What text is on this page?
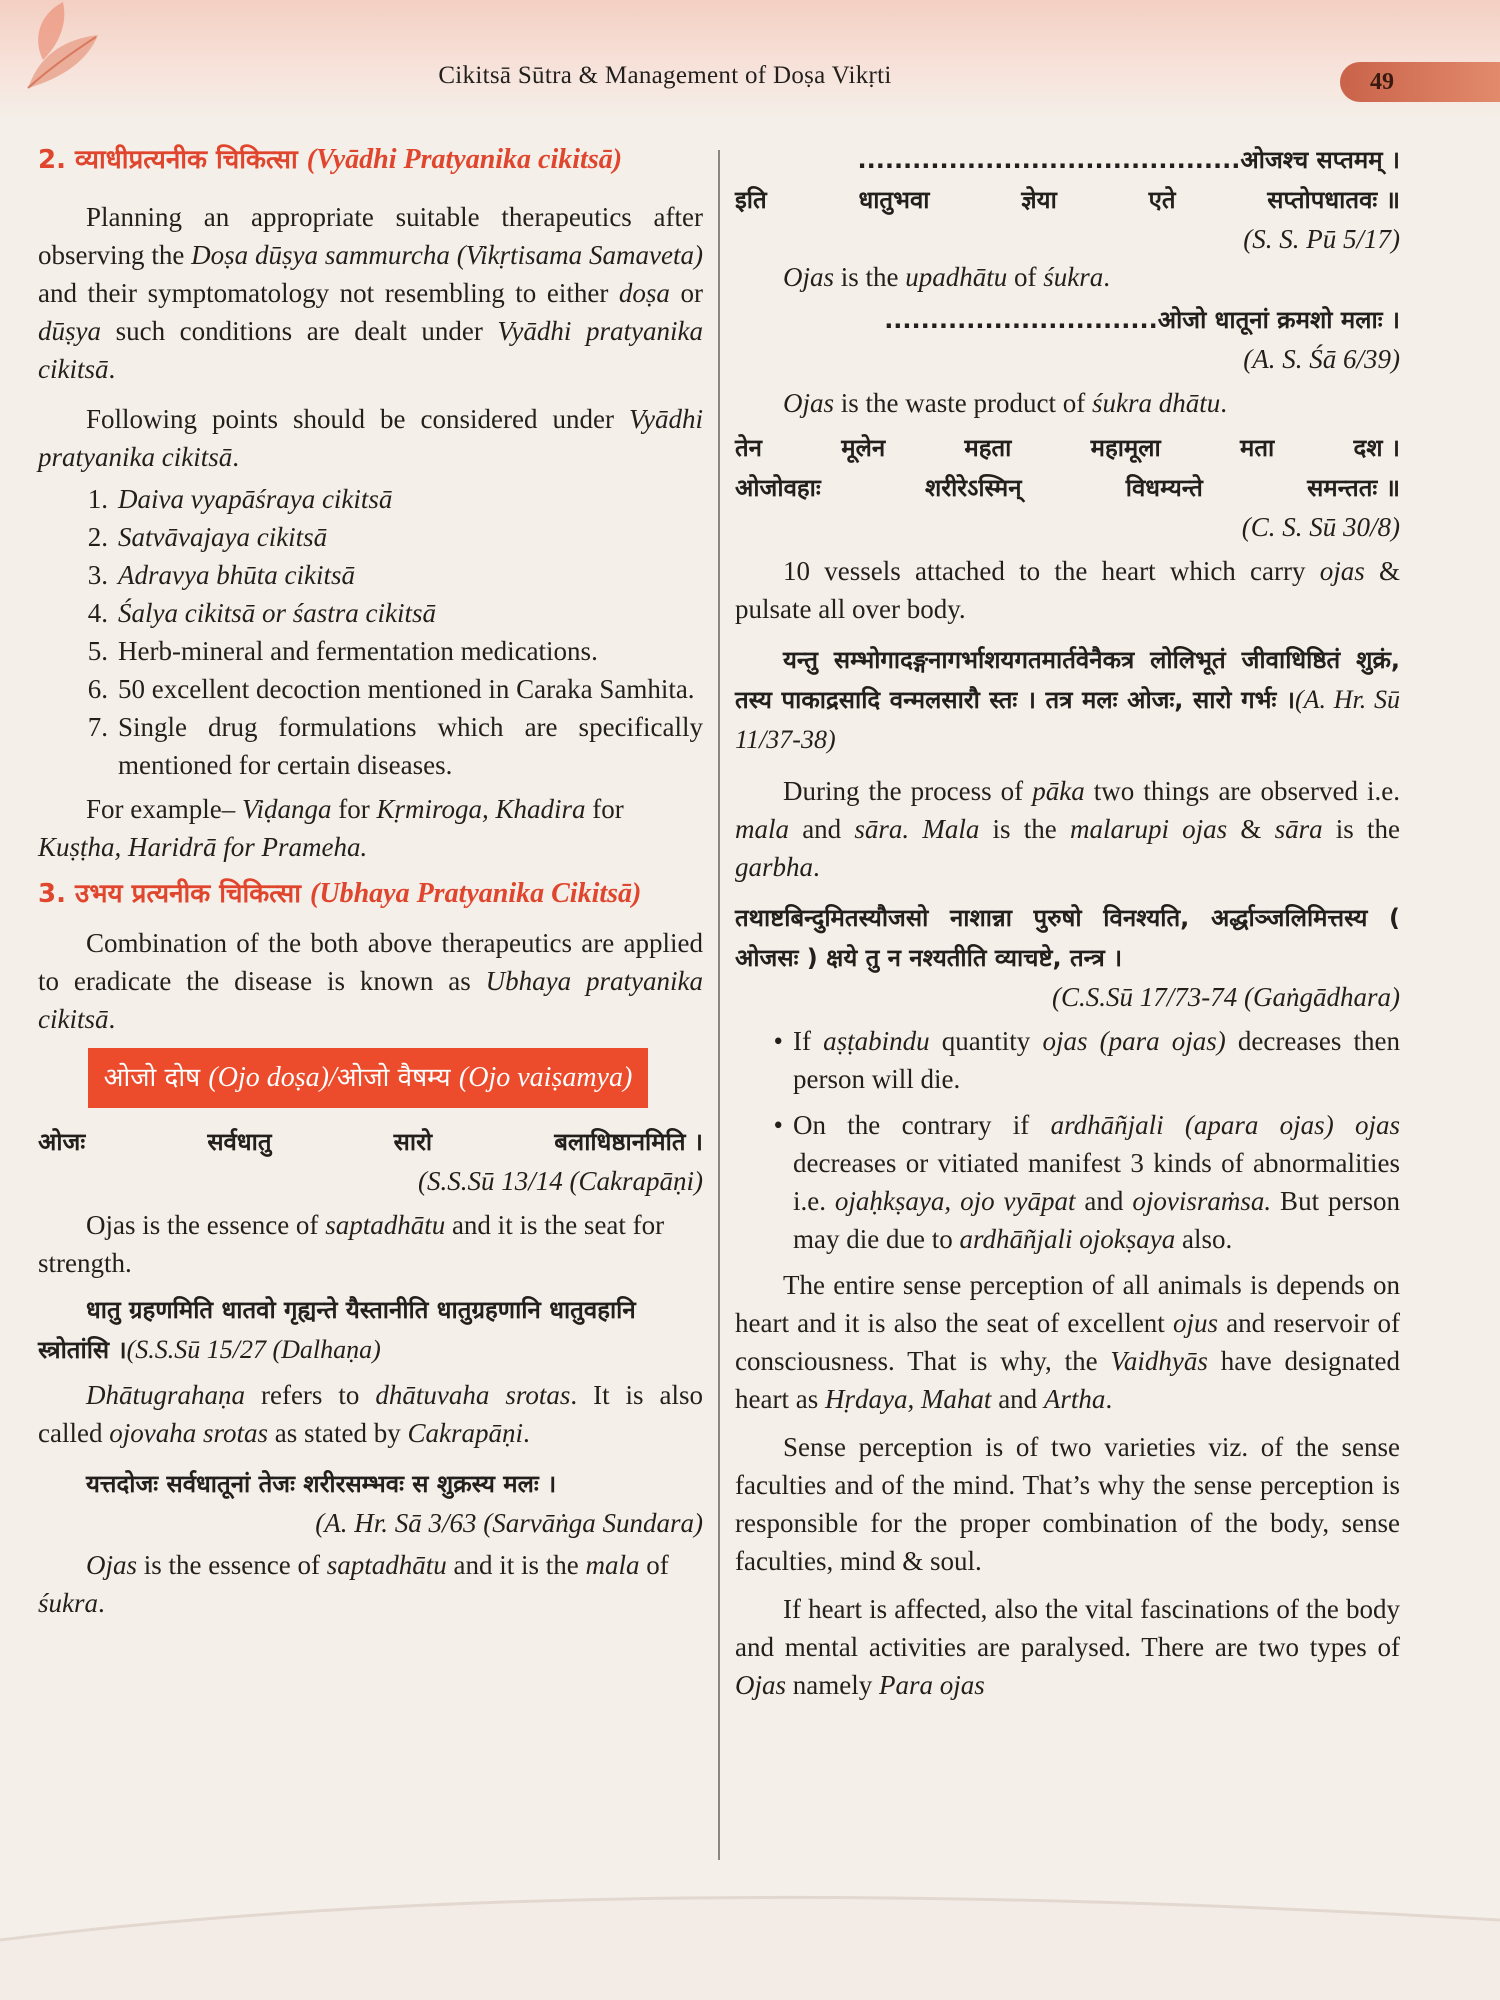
Cikitsā Sūtra & Management of Doṣa Vikṛti	49

2. व्याधीप्रत्यनीक चिकित्सा (Vyādhi Pratyanika cikitsā)

Planning an appropriate suitable therapeutics after observing the Doṣa dūṣya sammurcha (Vikṛtisama Samaveta) and their symptomatology not resembling to either doṣa or dūṣya such conditions are dealt under Vyādhi pratyanika cikitsā.

Following points should be considered under Vyādhi pratyanika cikitsā.

1. Daiva vyapāśraya cikitsā
2. Satvāvajaya cikitsā
3. Adravya bhūta cikitsā
4. Śalya cikitsā or śastra cikitsā
5. Herb-mineral and fermentation medications.
6. 50 excellent decoction mentioned in Caraka Samhita.
7. Single drug formulations which are specifically mentioned for certain diseases.

For example– Viḍanga for Kṛmiroga, Khadira for Kuṣṭha, Haridrā for Prameha.

3. उभय प्रत्यनीक चिकित्सा (Ubhaya Pratyanika Cikitsā)

Combination of the both above therapeutics are applied to eradicate the disease is known as Ubhaya pratyanika cikitsā.

ओजो दोष (Ojo doṣa)/ओजो वैषम्य (Ojo vaiṣamya)

ओजः	सर्वधातु	सारो	बलाधिष्ठानमिति ।

(S.S.Sū 13/14 (Cakrapāṇi)

Ojas is the essence of saptadhātu and it is the seat for strength.

धातु ग्रहणमिति धातवो गृह्यन्ते यैस्तानीति धातुग्रहणानि धातुवहानि स्त्रोतांसि ।(S.S.Sū 15/27 (Dalhaṇa)

Dhātugrahaṇa refers to dhātuvaha srotas. It is also called ojovaha srotas as stated by Cakrapāṇi.

यत्तदोजः सर्वधातूनां तेजः शरीरसम्भवः स शुक्रस्य मलः ।

(A. Hr. Sā 3/63 (Sarvāṅga Sundara)

Ojas is the essence of saptadhātu and it is the mala of śukra.

..........................................ओजश्च सप्तमम् ।

इति	धातुभवा	ज्ञेया	एते	सप्तोपधातवः ॥

(S. S. Pū 5/17)

Ojas is the upadhātu of śukra.

..............................ओजो धातूनां क्रमशो मलाः ।

(A. S. Śā 6/39)

Ojas is the waste product of śukra dhātu.

तेन	मूलेन	महता	महामूला	मता	दश ।

ओजोवहाः	शरीरेऽस्मिन्	विधम्यन्ते	समन्ततः ॥

(C. S. Sū 30/8)

10 vessels attached to the heart which carry ojas & pulsate all over body.

यन्तु सम्भोगादङ्गनागर्भाशयगतमार्तवेनैकत्र लोलिभूतं जीवाधिष्ठितं शुक्रं, तस्य पाकाद्रसादि वन्मलसारौ स्तः । तत्र मलः ओजः, सारो गर्भः ।(A. Hr. Sū 11/37-38)

During the process of pāka two things are observed i.e. mala and sāra. Mala is the malarupi ojas & sāra is the garbha.

तथाष्टबिन्दुमितस्यौजसो नाशान्ना पुरुषो विनश्यति, अर्द्धाञ्जलिमित्तस्य ( ओजसः ) क्षये तु न नश्यतीति व्याचष्टे, तन्त्र ।

(C.S.Sū 17/73-74 (Gaṅgādhara)

• If aṣṭabindu quantity ojas (para ojas) decreases then person will die.
• On the contrary if ardhāñjali (apara ojas) ojas decreases or vitiated manifest 3 kinds of abnormalities i.e. ojaḥkṣaya, ojo vyāpat and ojovisraṁsa. But person may die due to ardhāñjali ojokṣaya also.

The entire sense perception of all animals is depends on heart and it is also the seat of excellent ojus and reservoir of consciousness. That is why, the Vaidhyās have designated heart as Hṛdaya, Mahat and Artha.

Sense perception is of two varieties viz. of the sense faculties and of the mind. That’s why the sense perception is responsible for the proper combination of the body, sense faculties, mind & soul.

If heart is affected, also the vital fascinations of the body and mental activities are paralysed. There are two types of Ojas namely Para ojas
